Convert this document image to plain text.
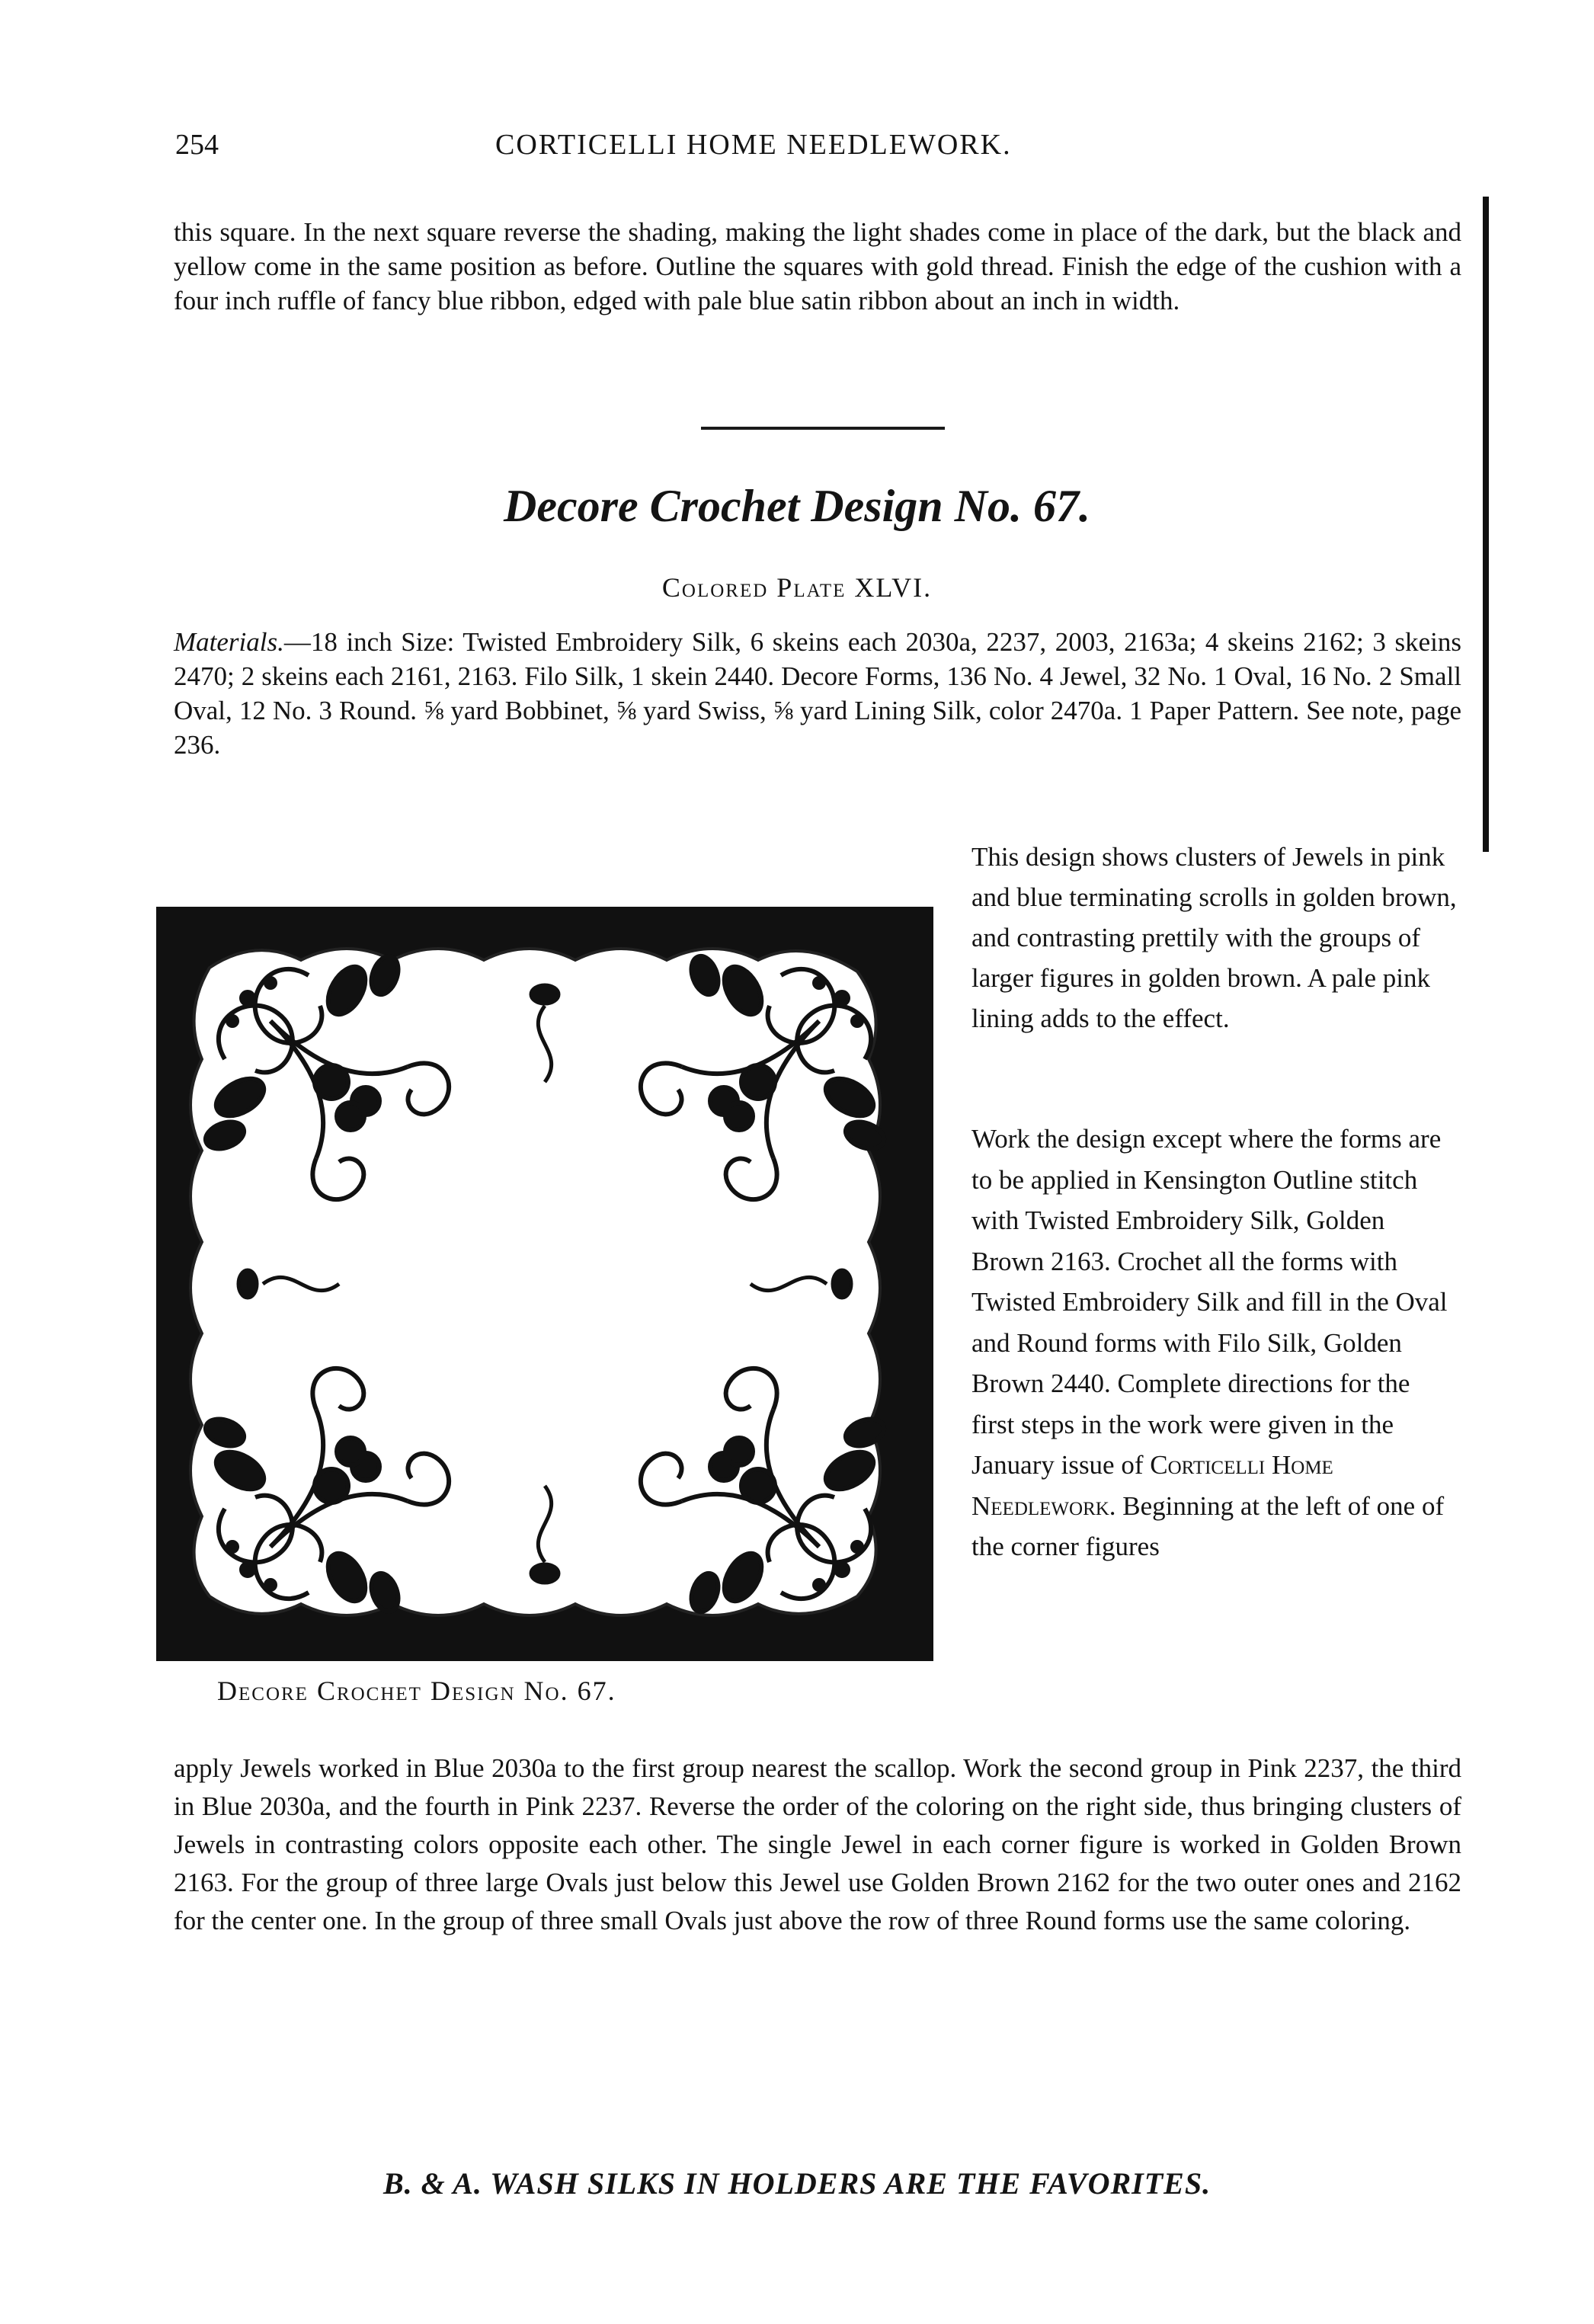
254	CORTICELLI HOME NEEDLEWORK.

this square. In the next square reverse the shading, making the light shades come in place of the dark, but the black and yellow come in the same position as before. Outline the squares with gold thread. Finish the edge of the cushion with a four inch ruffle of fancy blue ribbon, edged with pale blue satin ribbon about an inch in width.

Decore Crochet Design No. 67.
Colored Plate XLVI.

Materials.—18 inch Size: Twisted Embroidery Silk, 6 skeins each 2030a, 2237, 2003, 2163a; 4 skeins 2162; 3 skeins 2470; 2 skeins each 2161, 2163. Filo Silk, 1 skein 2440. Decore Forms, 136 No. 4 Jewel, 32 No. 1 Oval, 16 No. 2 Small Oval, 12 No. 3 Round. ⅝ yard Bobbinet, ⅝ yard Swiss, ⅝ yard Lining Silk, color 2470a. 1 Paper Pattern. See note, page 236.

This design shows clusters of Jewels in pink and blue terminating scrolls in golden brown, and contrasting prettily with the groups of larger figures in golden brown. A pale pink lining adds to the effect.

Work the design except where the forms are to be applied in Kensington Outline stitch with Twisted Embroidery Silk, Golden Brown 2163. Crochet all the forms with Twisted Embroidery Silk and fill in the Oval and Round forms with Filo Silk, Golden Brown 2440. Complete directions for the first steps in the work were given in the January issue of Corticelli Home Needlework. Beginning at the left of one of the corner figures

Decore Crochet Design No. 67.

apply Jewels worked in Blue 2030a to the first group nearest the scallop. Work the second group in Pink 2237, the third in Blue 2030a, and the fourth in Pink 2237. Reverse the order of the coloring on the right side, thus bringing clusters of Jewels in contrasting colors opposite each other. The single Jewel in each corner figure is worked in Golden Brown 2163. For the group of three large Ovals just below this Jewel use Golden Brown 2162 for the two outer ones and 2162 for the center one. In the group of three small Ovals just above the row of three Round forms use the same coloring.

B. & A. WASH SILKS IN HOLDERS ARE THE FAVORITES.
